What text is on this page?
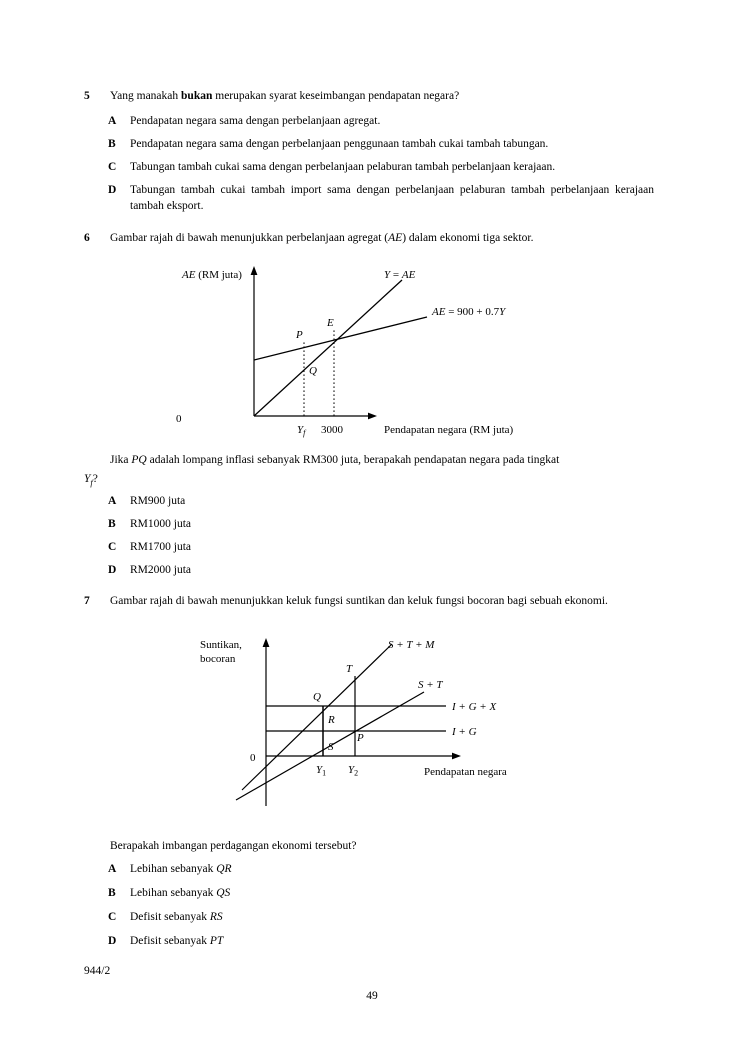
5	Yang manakah bukan merupakan syarat keseimbangan pendapatan negara?
A	Pendapatan negara sama dengan perbelanjaan agregat.
B	Pendapatan negara sama dengan perbelanjaan penggunaan tambah cukai tambah tabungan.
C	Tabungan tambah cukai sama dengan perbelanjaan pelaburan tambah perbelanjaan kerajaan.
D	Tabungan tambah cukai tambah import sama dengan perbelanjaan pelaburan tambah perbelanjaan kerajaan tambah eksport.
6	Gambar rajah di bawah menunjukkan perbelanjaan agregat (AE) dalam ekonomi tiga sektor.
P
E
Q
AE (RM juta)
0
Pendapatan negara (RM juta)
$Y_f$ 3000
Y = AE
AE = 900 + 0.7Y
Jika PQ adalah lompang inflasi sebanyak RM300 juta, berapakah pendapatan negara pada tingkat
$Y_f$?
A	RM900 juta
B	RM1000 juta
C	RM1700 juta
D	RM2000 juta
7	Gambar rajah di bawah menunjukkan keluk fungsi suntikan dan keluk fungsi bocoran bagi sebuah ekonomi.
T
Q
R
P
S
Suntikan,
bocoran
0
Pendapatan negara
$Y_1$ $Y_2$
S + T + M
S + T
I + G + X
I + G
Berapakah imbangan perdagangan ekonomi tersebut?
A	Lebihan sebanyak QR
B	Lebihan sebanyak QS
C	Defisit sebanyak RS
D	Defisit sebanyak PT
944/2
49
